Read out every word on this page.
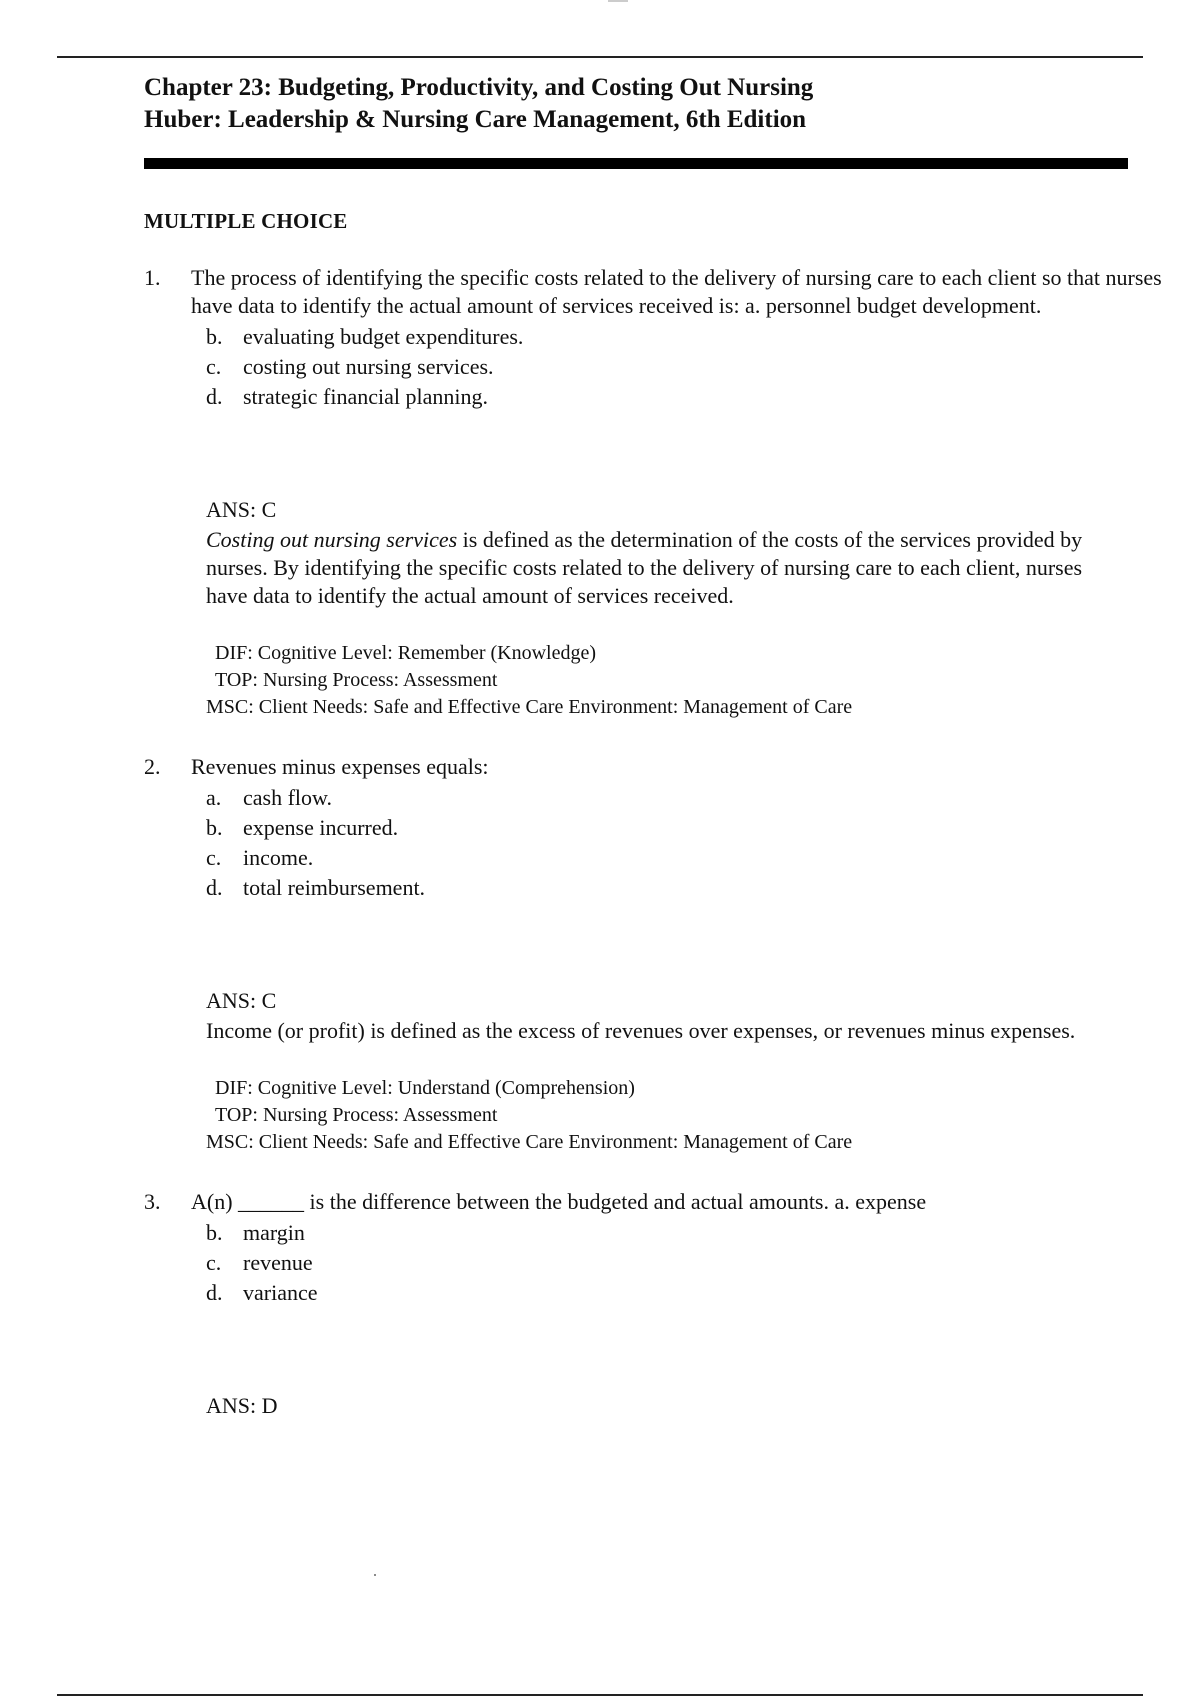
Chapter 23: Budgeting, Productivity, and Costing Out Nursing
Huber: Leadership & Nursing Care Management, 6th Edition
MULTIPLE CHOICE
1.	The process of identifying the specific costs related to the delivery of nursing care to each client so that nurses have data to identify the actual amount of services received is: a. personnel budget development.
b. evaluating budget expenditures.
c. costing out nursing services.
d. strategic financial planning.
ANS: C
Costing out nursing services is defined as the determination of the costs of the services provided by nurses. By identifying the specific costs related to the delivery of nursing care to each client, nurses have data to identify the actual amount of services received.
DIF: Cognitive Level: Remember (Knowledge)
TOP: Nursing Process: Assessment
MSC: Client Needs: Safe and Effective Care Environment: Management of Care
2.	Revenues minus expenses equals:
a. cash flow.
b. expense incurred.
c. income.
d. total reimbursement.
ANS: C
Income (or profit) is defined as the excess of revenues over expenses, or revenues minus expenses.
DIF: Cognitive Level: Understand (Comprehension)
TOP: Nursing Process: Assessment
MSC: Client Needs: Safe and Effective Care Environment: Management of Care
3.	A(n) ______ is the difference between the budgeted and actual amounts. a. expense
b. margin
c. revenue
d. variance
ANS: D
